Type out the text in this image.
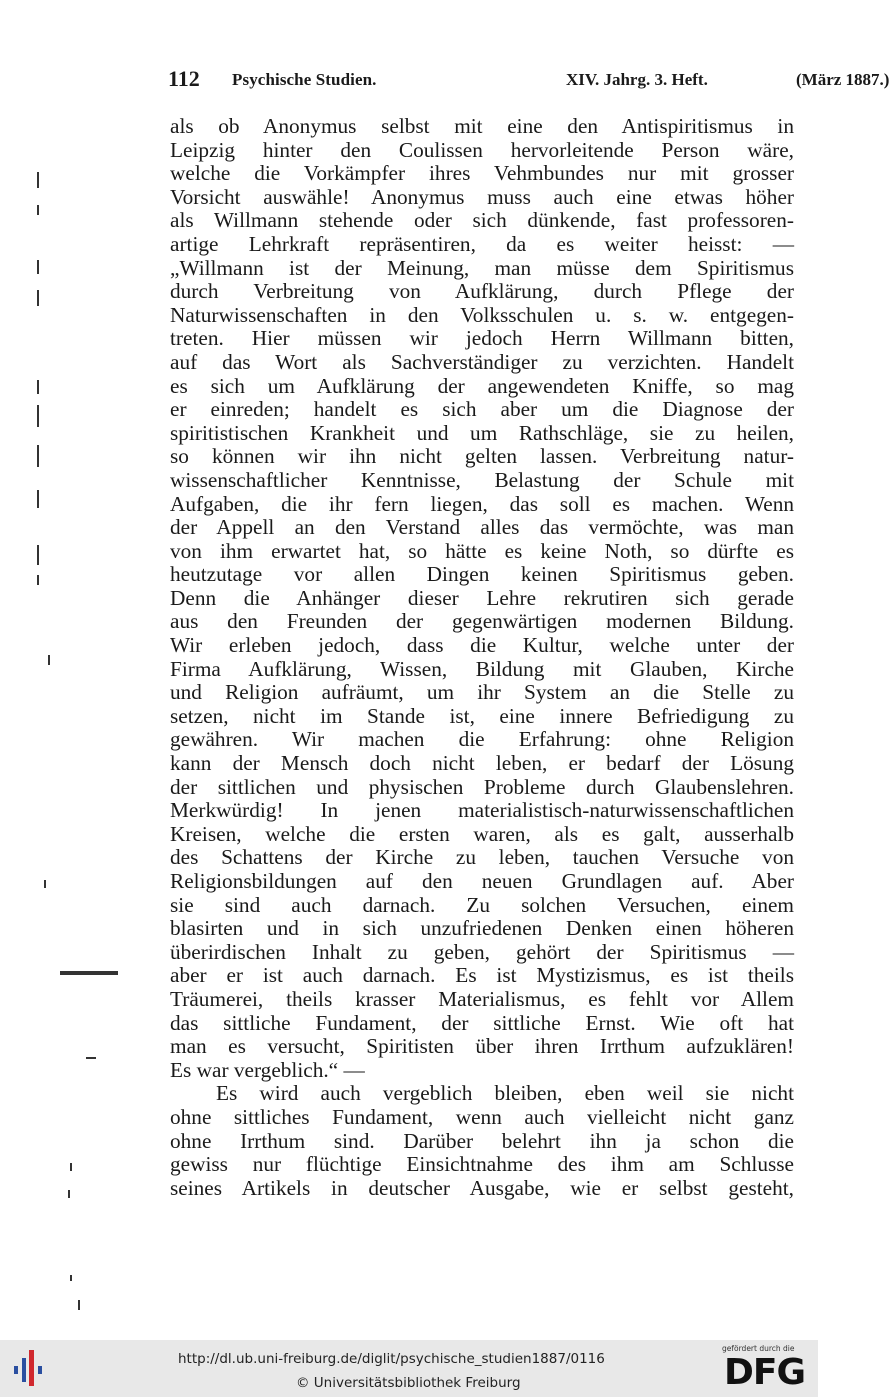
112 Psychische Studien.	XIV. Jahrg. 3. Heft.	(März 1887.)
als ob Anonymus selbst mit eine den Antispiritismus in
Leipzig hinter den Coulissen hervorleitende Person wäre,
welche die Vorkämpfer ihres Vehmbundes nur mit grosser
Vorsicht auswähle! Anonymus muss auch eine etwas höher
als Willmann stehende oder sich dünkende, fast professoren-
artige Lehrkraft repräsentiren, da es weiter heisst: —
„Willmann ist der Meinung, man müsse dem Spiritismus
durch Verbreitung von Aufklärung, durch Pflege der
Naturwissenschaften in den Volksschulen u. s. w. entgegen-
treten. Hier müssen wir jedoch Herrn Willmann bitten,
auf das Wort als Sachverständiger zu verzichten. Handelt
es sich um Aufklärung der angewendeten Kniffe, so mag
er einreden; handelt es sich aber um die Diagnose der
spiritistischen Krankheit und um Rathschläge, sie zu heilen,
so können wir ihn nicht gelten lassen. Verbreitung natur-
wissenschaftlicher Kenntnisse, Belastung der Schule mit
Aufgaben, die ihr fern liegen, das soll es machen. Wenn
der Appell an den Verstand alles das vermöchte, was man
von ihm erwartet hat, so hätte es keine Noth, so dürfte es
heutzutage vor allen Dingen keinen Spiritismus geben.
Denn die Anhänger dieser Lehre rekrutiren sich gerade
aus den Freunden der gegenwärtigen modernen Bildung.
Wir erleben jedoch, dass die Kultur, welche unter der
Firma Aufklärung, Wissen, Bildung mit Glauben, Kirche
und Religion aufräumt, um ihr System an die Stelle zu
setzen, nicht im Stande ist, eine innere Befriedigung zu
gewähren. Wir machen die Erfahrung: ohne Religion
kann der Mensch doch nicht leben, er bedarf der Lösung
der sittlichen und physischen Probleme durch Glaubenslehren.
Merkwürdig! In jenen materialistisch-naturwissenschaftlichen
Kreisen, welche die ersten waren, als es galt, ausserhalb
des Schattens der Kirche zu leben, tauchen Versuche von
Religionsbildungen auf den neuen Grundlagen auf. Aber
sie sind auch darnach. Zu solchen Versuchen, einem
blasirten und in sich unzufriedenen Denken einen höheren
überirdischen Inhalt zu geben, gehört der Spiritismus —
aber er ist auch darnach. Es ist Mystizismus, es ist theils
Träumerei, theils krasser Materialismus, es fehlt vor Allem
das sittliche Fundament, der sittliche Ernst. Wie oft hat
man es versucht, Spiritisten über ihren Irrthum aufzuklären!
Es war vergeblich.“ —
Es wird auch vergeblich bleiben, eben weil sie nicht
ohne sittliches Fundament, wenn auch vielleicht nicht ganz
ohne Irrthum sind. Darüber belehrt ihn ja schon die
gewiss nur flüchtige Einsichtnahme des ihm am Schlusse
seines Artikels in deutscher Ausgabe, wie er selbst gesteht,
http://dl.ub.uni-freiburg.de/diglit/psychische_studien1887/0116
© Universitätsbibliothek Freiburg
gefördert durch die
DFG
